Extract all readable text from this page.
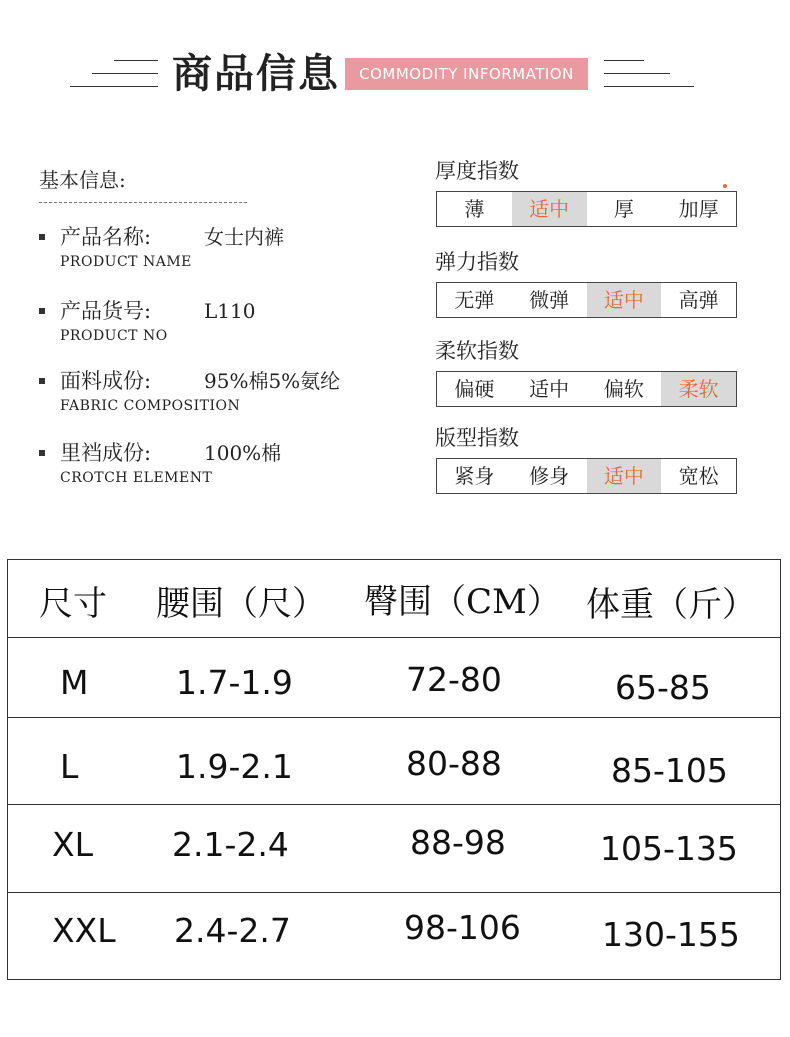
商品信息	COMMODITY INFORMATION
基本信息:
产品名称:	女士内裤
PRODUCT NAME
产品货号:	L110
PRODUCT NO
面料成份:	95%棉5%氨纶
FABRIC COMPOSITION
里裆成份:	100%棉
CROTCH ELEMENT
厚度指数
薄	适中	厚	加厚
弹力指数
无弹	微弹	适中	高弹
柔软指数
偏硬	适中	偏软	柔软
版型指数
紧身	修身	适中	宽松
尺寸 腰围（尺） 臀围（CM） 体重（斤）
M	1.7-1.9	72-80	65-85
L	1.9-2.1	80-88	85-105
XL 2.1-2.4	88-98	105-135
XXL 2.4-2.7	98-106 130-155
